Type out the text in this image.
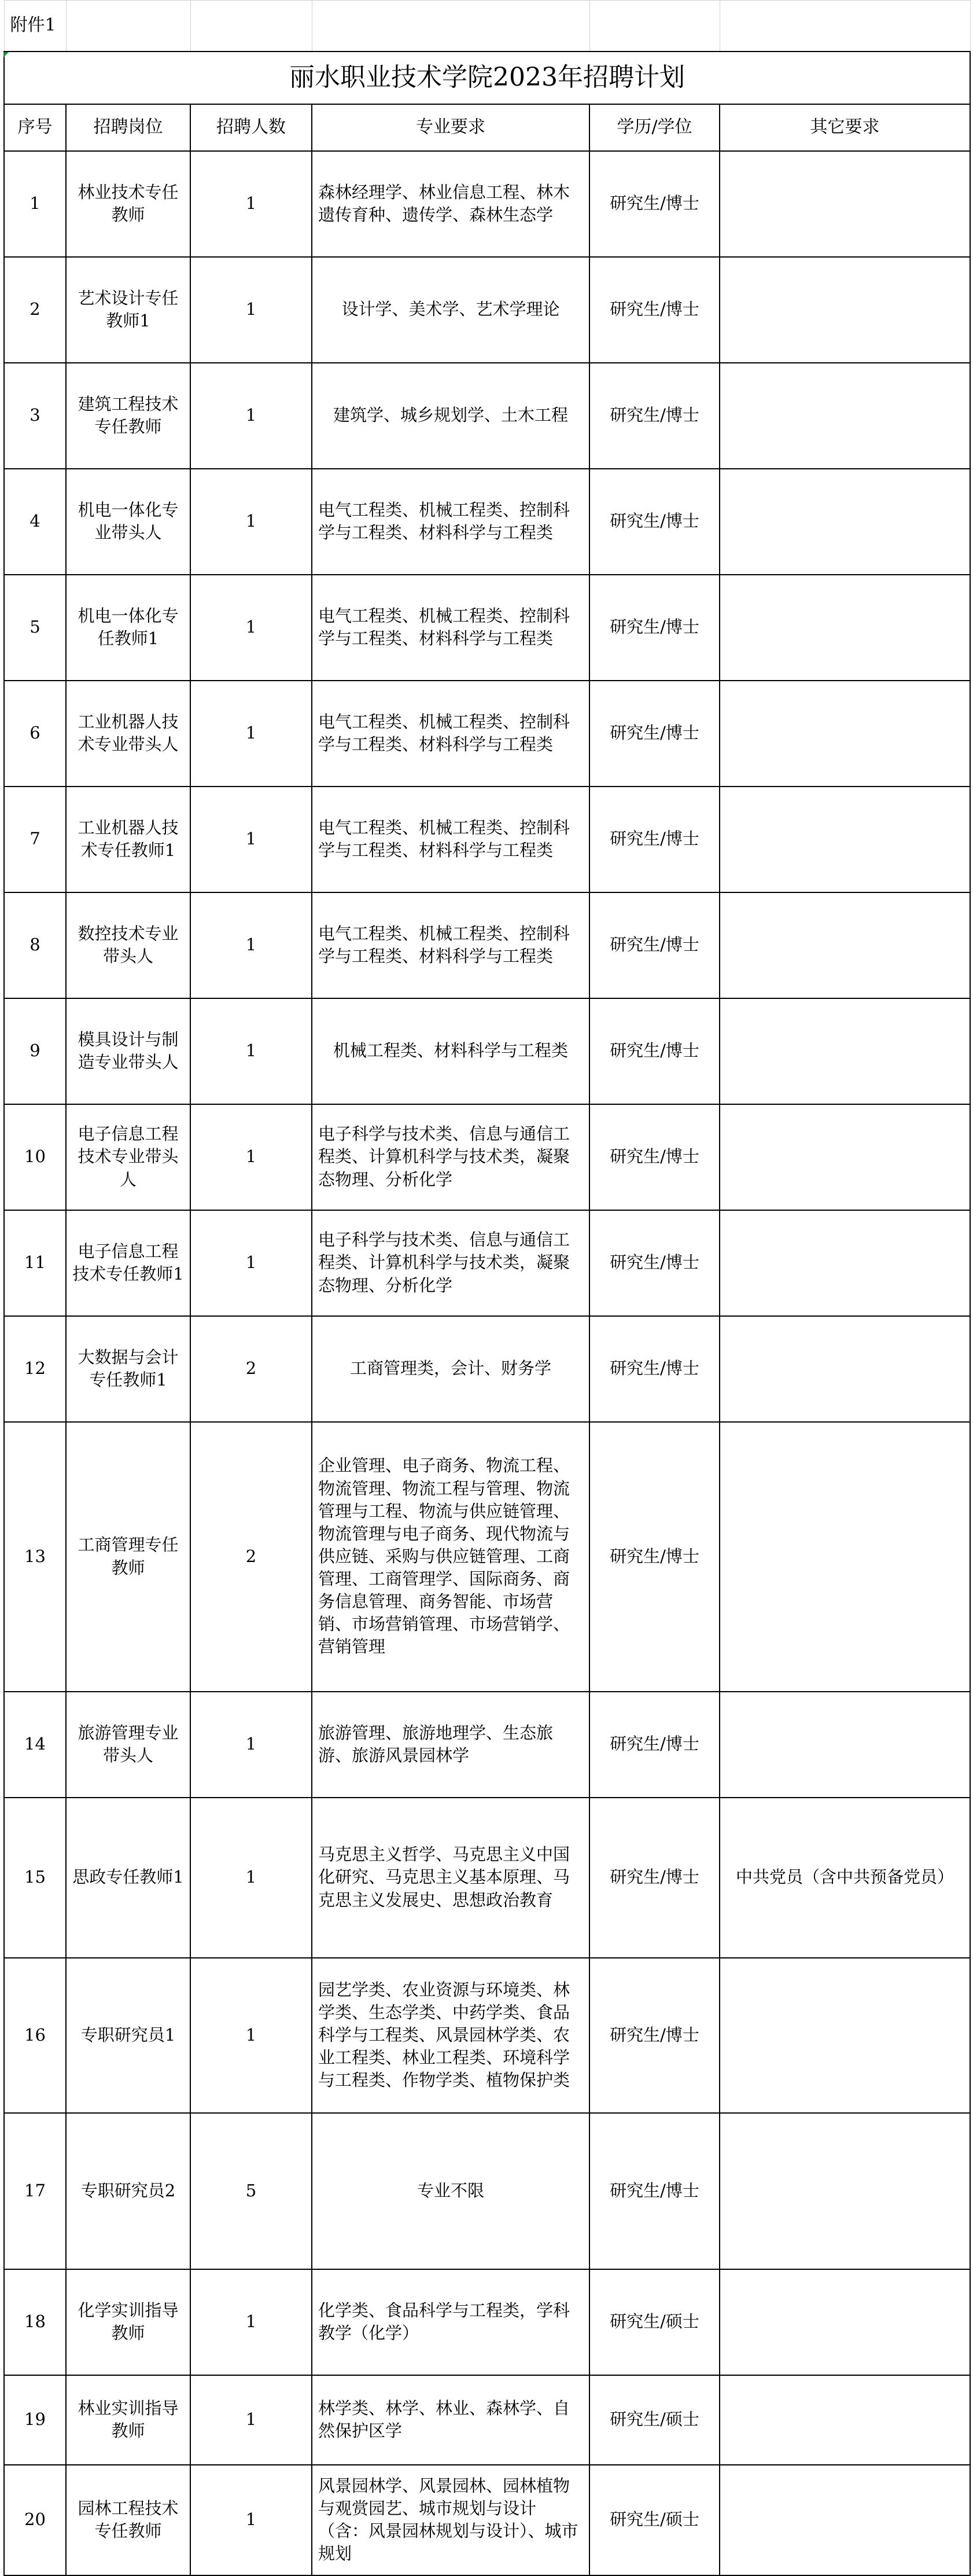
附件1					
丽水职业技术学院2023年招聘计划					
序号	招聘岗位	招聘人数	专业要求	学历/学位	其它要求
1	林业技术专任教师	1	森林经理学、林业信息工程、林木遗传育种、遗传学、森林生态学	研究生/博士	
2	艺术设计专任教师1	1	设计学、美术学、艺术学理论	研究生/博士	
3	建筑工程技术专任教师	1	建筑学、城乡规划学、土木工程	研究生/博士	
4	机电一体化专业带头人	1	电气工程类、机械工程类、控制科学与工程类、材料科学与工程类	研究生/博士	
5	机电一体化专任教师1	1	电气工程类、机械工程类、控制科学与工程类、材料科学与工程类	研究生/博士	
6	工业机器人技术专业带头人	1	电气工程类、机械工程类、控制科学与工程类、材料科学与工程类	研究生/博士	
7	工业机器人技术专任教师1	1	电气工程类、机械工程类、控制科学与工程类、材料科学与工程类	研究生/博士	
8	数控技术专业带头人	1	电气工程类、机械工程类、控制科学与工程类、材料科学与工程类	研究生/博士	
9	模具设计与制造专业带头人	1	机械工程类、材料科学与工程类	研究生/博士	
10	电子信息工程技术专业带头人	1	电子科学与技术类、信息与通信工程类、计算机科学与技术类，凝聚态物理、分析化学	研究生/博士	
11	电子信息工程技术专任教师1	1	电子科学与技术类、信息与通信工程类、计算机科学与技术类，凝聚态物理、分析化学	研究生/博士	
12	大数据与会计专任教师1	2	工商管理类，会计、财务学	研究生/博士	
13	工商管理专任教师	2	企业管理、电子商务、物流工程、物流管理、物流工程与管理、物流管理与工程、物流与供应链管理、物流管理与电子商务、现代物流与供应链、采购与供应链管理、工商管理、工商管理学、国际商务、商务信息管理、商务智能、市场营销、市场营销管理、市场营销学、营销管理	研究生/博士	
14	旅游管理专业带头人	1	旅游管理、旅游地理学、生态旅游、旅游风景园林学	研究生/博士	
15	思政专任教师1	1	马克思主义哲学、马克思主义中国化研究、马克思主义基本原理、马克思主义发展史、思想政治教育	研究生/博士	中共党员（含中共预备党员）
16	专职研究员1	1	园艺学类、农业资源与环境类、林学类、生态学类、中药学类、食品科学与工程类、风景园林学类、农业工程类、林业工程类、环境科学与工程类、作物学类、植物保护类	研究生/博士	
17	专职研究员2	5	专业不限	研究生/博士	
18	化学实训指导教师	1	化学类、食品科学与工程类，学科教学（化学）	研究生/硕士	
19	林业实训指导教师	1	林学类、林学、林业、森林学、自然保护区学	研究生/硕士	
20	园林工程技术专任教师	1	风景园林学、风景园林、园林植物与观赏园艺、城市规划与设计（含：风景园林规划与设计）、城市规划	研究生/硕士	
